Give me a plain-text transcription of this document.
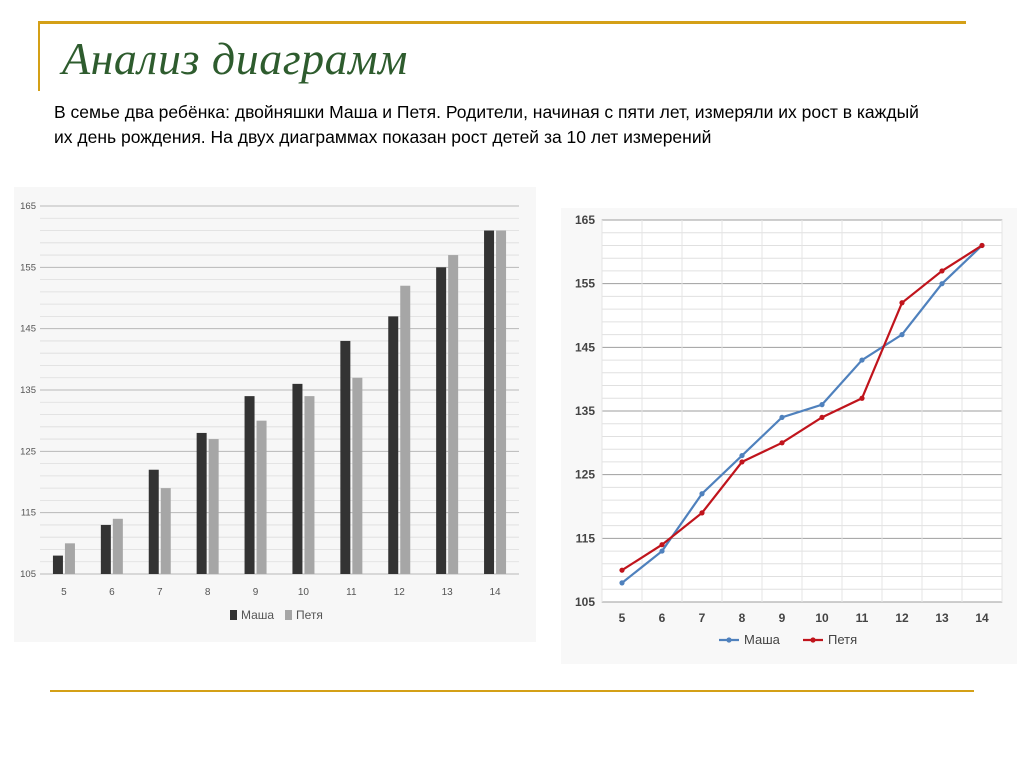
Анализ диаграмм
В семье два ребёнка: двойняшки Маша и Петя. Родители, начиная с пяти лет, измеряли их рост в каждый их день рождения. На двух диаграммах показан рост детей за 10 лет измерений
105
115
125
135
145
155
165
5	6	7	8	9	10	11	12	13	14
Маша Петя
105
115
125
135
145
155
165
5	6	7	8	9 10 11 12 13 14
Маша	Петя
